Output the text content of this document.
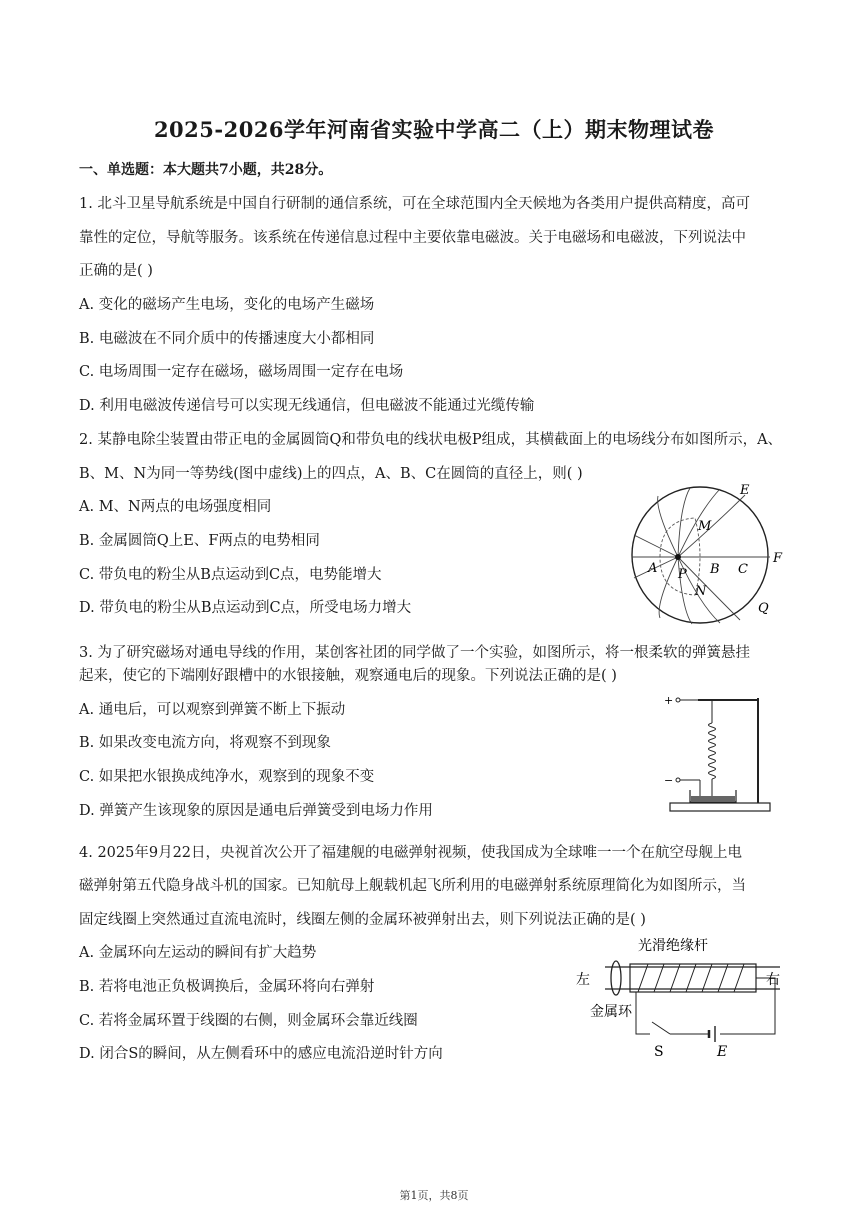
2025-2026学年河南省实验中学高二（上）期末物理试卷
一、单选题：本大题共7小题，共28分。
1. 北斗卫星导航系统是中国自行研制的通信系统，可在全球范围内全天候地为各类用户提供高精度，高可
靠性的定位，导航等服务。该系统在传递信息过程中主要依靠电磁波。关于电磁场和电磁波，下列说法中
正确的是( )
A. 变化的磁场产生电场，变化的电场产生磁场
B. 电磁波在不同介质中的传播速度大小都相同
C. 电场周围一定存在磁场，磁场周围一定存在电场
D. 利用电磁波传递信号可以实现无线通信，但电磁波不能通过光缆传输
2. 某静电除尘装置由带正电的金属圆筒Q和带负电的线状电极P组成，其横截面上的电场线分布如图所示，A、
B、M、N为同一等势线(图中虚线)上的四点，A、B、C在圆筒的直径上，则( )
A. M、N两点的电场强度相同
B. 金属圆筒Q上E、F两点的电势相同
C. 带负电的粉尘从B点运动到C点，电势能增大
D. 带负电的粉尘从B点运动到C点，所受电场力增大
E
M
F
A P B C
N
Q
3. 为了研究磁场对通电导线的作用，某创客社团的同学做了一个实验，如图所示，将一根柔软的弹簧悬挂
起来，使它的下端刚好跟槽中的水银接触，观察通电后的现象。下列说法正确的是( )
A. 通电后，可以观察到弹簧不断上下振动
B. 如果改变电流方向，将观察不到现象
C. 如果把水银换成纯净水，观察到的现象不变
D. 弹簧产生该现象的原因是通电后弹簧受到电场力作用
+
−
4. 2025年9月22日，央视首次公开了福建舰的电磁弹射视频，使我国成为全球唯一一个在航空母舰上电
磁弹射第五代隐身战斗机的国家。已知航母上舰载机起飞所利用的电磁弹射系统原理简化为如图所示，当
固定线圈上突然通过直流电流时，线圈左侧的金属环被弹射出去，则下列说法正确的是( )
A. 金属环向左运动的瞬间有扩大趋势
B. 若将电池正负极调换后，金属环将向右弹射
C. 若将金属环置于线圈的右侧，则金属环会靠近线圈
D. 闭合S的瞬间，从左侧看环中的感应电流沿逆时针方向
光滑绝缘杆
左	右
金属环
S	E
第1页，共8页
